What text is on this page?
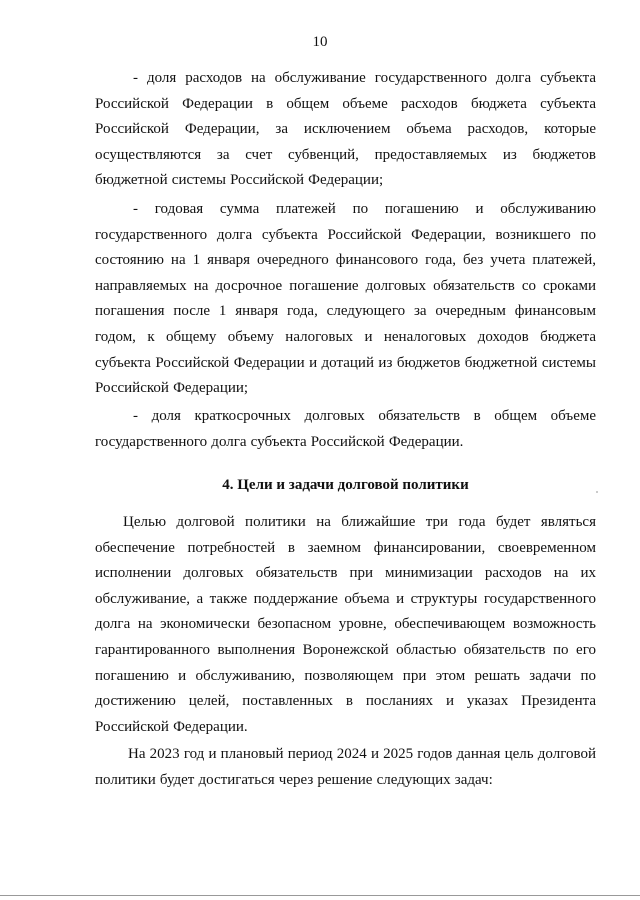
10

- доля расходов на обслуживание государственного долга субъекта Российской Федерации в общем объеме расходов бюджета субъекта Российской Федерации, за исключением объема расходов, которые осуществляются за счет субвенций, предоставляемых из бюджетов бюджетной системы Российской Федерации;

- годовая сумма платежей по погашению и обслуживанию государственного долга субъекта Российской Федерации, возникшего по состоянию на 1 января очередного финансового года, без учета платежей, направляемых на досрочное погашение долговых обязательств со сроками погашения после 1 января года, следующего за очередным финансовым годом, к общему объему налоговых и неналоговых доходов бюджета субъекта Российской Федерации и дотаций из бюджетов бюджетной системы Российской Федерации;

- доля краткосрочных долговых обязательств в общем объеме государственного долга субъекта Российской Федерации.

4. Цели и задачи долговой политики

Целью долговой политики на ближайшие три года будет являться обеспечение потребностей в заемном финансировании, своевременном исполнении долговых обязательств при минимизации расходов на их обслуживание, а также поддержание объема и структуры государственного долга на экономически безопасном уровне, обеспечивающем возможность гарантированного выполнения Воронежской областью обязательств по его погашению и обслуживанию, позволяющем при этом решать задачи по достижению целей, поставленных в посланиях и указах Президента Российской Федерации.

На 2023 год и плановый период 2024 и 2025 годов данная цель долговой политики будет достигаться через решение следующих задач:
